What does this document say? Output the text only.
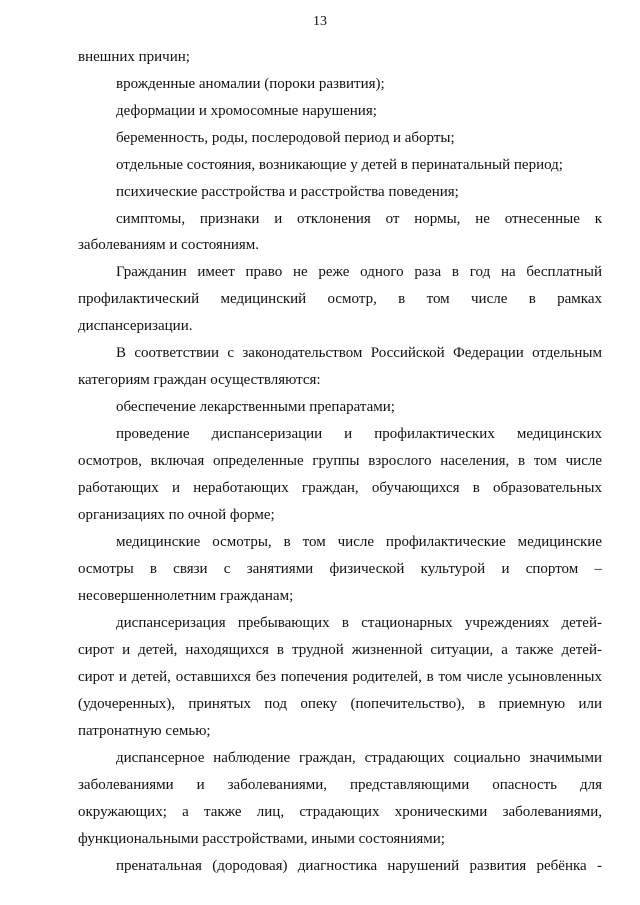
13
внешних причин;
врожденные аномалии (пороки развития);
деформации и хромосомные нарушения;
беременность, роды, послеродовой период и аборты;
отдельные состояния, возникающие у детей в перинатальный период;
психические расстройства и расстройства поведения;
симптомы, признаки и отклонения от нормы, не отнесенные к
заболеваниям и состояниям.
Гражданин имеет право не реже одного раза в год на бесплатный
профилактический медицинский осмотр, в том числе в рамках
диспансеризации.
В соответствии с законодательством Российской Федерации отдельным
категориям граждан осуществляются:
обеспечение лекарственными препаратами;
проведение диспансеризации и профилактических медицинских
осмотров, включая определенные группы взрослого населения, в том числе
работающих и неработающих граждан, обучающихся в образовательных
организациях по очной форме;
медицинские осмотры, в том числе профилактические медицинские
осмотры в связи с занятиями физической культурой и спортом –
несовершеннолетним гражданам;
диспансеризация пребывающих в стационарных учреждениях детей-
сирот и детей, находящихся в трудной жизненной ситуации, а также детей-
сирот и детей, оставшихся без попечения родителей, в том числе усыновленных
(удочеренных), принятых под опеку (попечительство), в приемную или
патронатную семью;
диспансерное наблюдение граждан, страдающих социально значимыми
заболеваниями и заболеваниями, представляющими опасность для
окружающих; а также лиц, страдающих хроническими заболеваниями,
функциональными расстройствами, иными состояниями;
пренатальная (дородовая) диагностика нарушений развития ребёнка -
